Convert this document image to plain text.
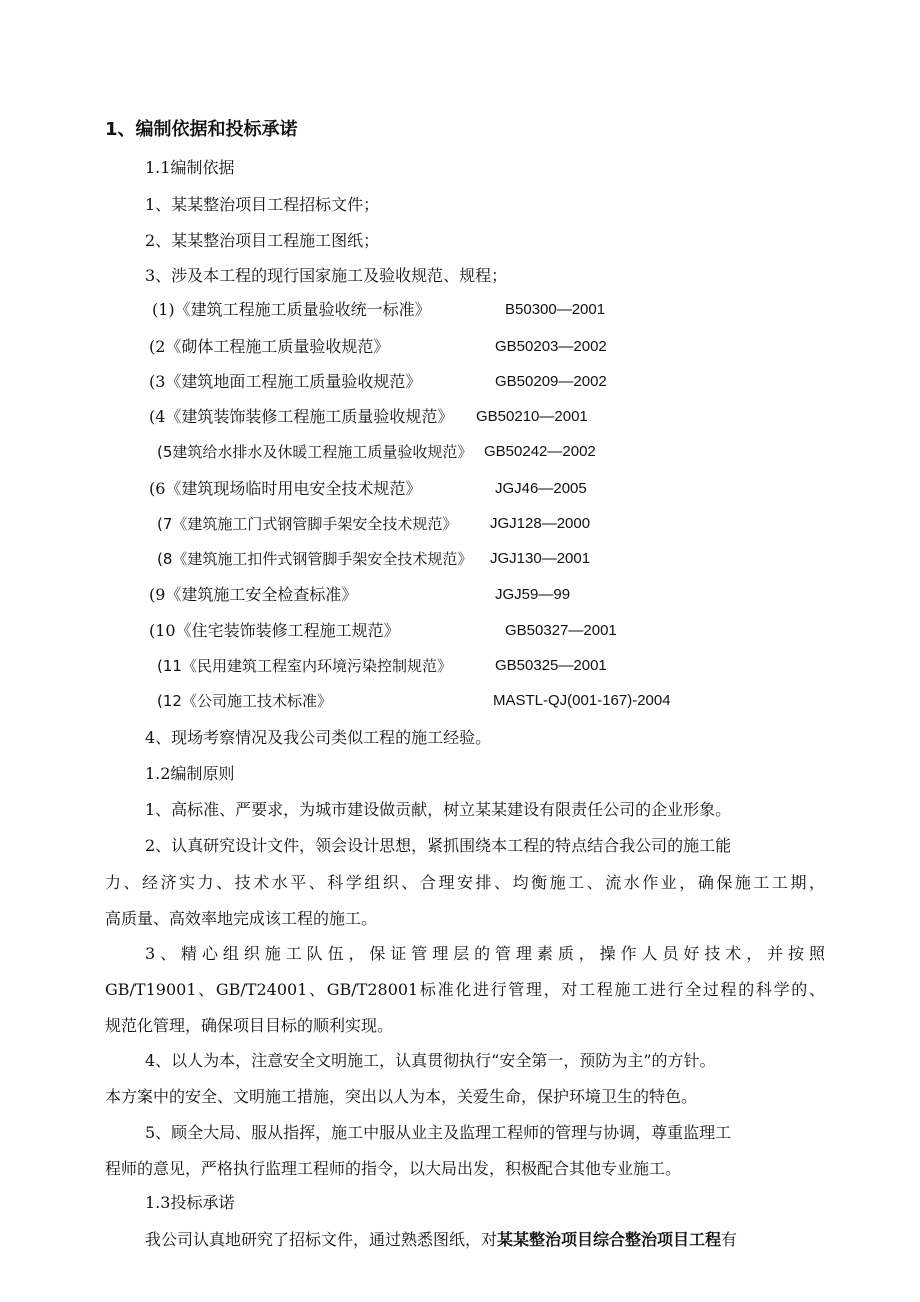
1、编制依据和投标承诺
1.1编制依据
1、某某整治项目工程招标文件；
2、某某整治项目工程施工图纸；
3、涉及本工程的现行国家施工及验收规范、规程；
(1)《建筑工程施工质量验收统一标准》	B50300—2001
(2《砌体工程施工质量验收规范》	GB50203—2002
(3《建筑地面工程施工质量验收规范》	GB50209—2002
(4《建筑装饰装修工程施工质量验收规范》 GB50210—2001
(5建筑给水排水及休暖工程施工质量验收规范》 GB50242—2002
(6《建筑现场临时用电安全技术规范》	JGJ46—2005
(7《建筑施工门式钢管脚手架安全技术规范》 JGJ128—2000
(8《建筑施工扣件式钢管脚手架安全技术规范》 JGJ130—2001
(9《建筑施工安全检查标准》	JGJ59—99
(10《住宅装饰装修工程施工规范》	GB50327—2001
(11《民用建筑工程室内环境污染控制规范》	GB50325—2001
(12《公司施工技术标准》	MASTL-QJ(001-167)-2004
4、现场考察情况及我公司类似工程的施工经验。
1.2编制原则
1、高标准、严要求，为城市建设做贡献，树立某某建设有限责任公司的企业形象。
2、认真研究设计文件，领会设计思想，紧抓围绕本工程的特点结合我公司的施工能
力、经济实力、技术水平、科学组织、合理安排、均衡施工、流水作业，确保施工工期，
高质量、高效率地完成该工程的施工。
3、精心组织施工队伍，保证管理层的管理素质，操作人员好技术，并按照
GB/T19001、GB/T24001、GB/T28001标准化进行管理，对工程施工进行全过程的科学的、
规范化管理，确保项目目标的顺利实现。
4、以人为本，注意安全文明施工，认真贯彻执行“安全第一，预防为主”的方针。
本方案中的安全、文明施工措施，突出以人为本，关爱生命，保护环境卫生的特色。
5、顾全大局、服从指挥，施工中服从业主及监理工程师的管理与协调，尊重监理工
程师的意见，严格执行监理工程师的指令，以大局出发，积极配合其他专业施工。
1.3投标承诺
我公司认真地研究了招标文件，通过熟悉图纸，对某某整治项目综合整治项目工程有
